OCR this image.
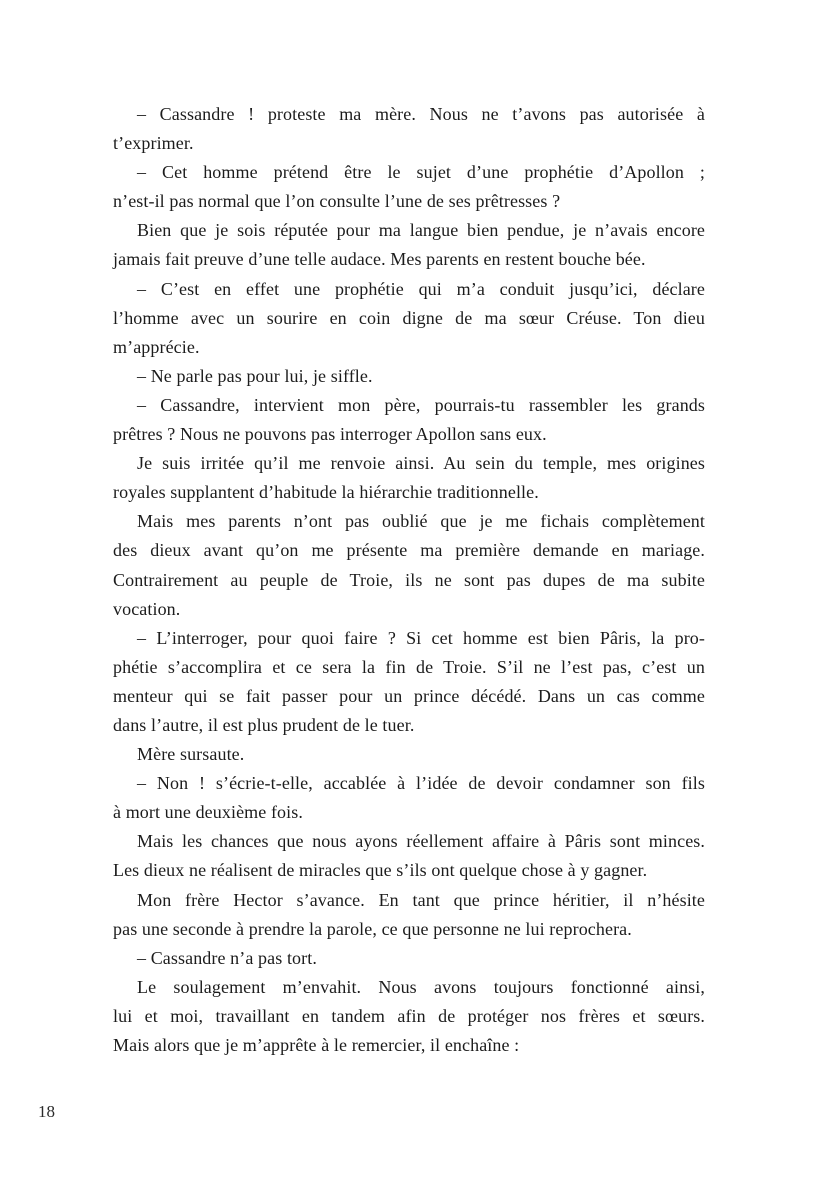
– Cassandre ! proteste ma mère. Nous ne t’avons pas autorisée à
t’exprimer.
– Cet homme prétend être le sujet d’une prophétie d’Apollon ;
n’est-il pas normal que l’on consulte l’une de ses prêtresses ?
Bien que je sois réputée pour ma langue bien pendue, je n’avais encore
jamais fait preuve d’une telle audace. Mes parents en restent bouche bée.
– C’est en effet une prophétie qui m’a conduit jusqu’ici, déclare
l’homme avec un sourire en coin digne de ma sœur Créuse. Ton dieu
m’apprécie.
– Ne parle pas pour lui, je siffle.
– Cassandre, intervient mon père, pourrais-tu rassembler les grands
prêtres ? Nous ne pouvons pas interroger Apollon sans eux.
Je suis irritée qu’il me renvoie ainsi. Au sein du temple, mes origines
royales supplantent d’habitude la hiérarchie traditionnelle.
Mais mes parents n’ont pas oublié que je me fichais complètement
des dieux avant qu’on me présente ma première demande en mariage.
Contrairement au peuple de Troie, ils ne sont pas dupes de ma subite
vocation.
– L’interroger, pour quoi faire ? Si cet homme est bien Pâris, la pro-
phétie s’accomplira et ce sera la fin de Troie. S’il ne l’est pas, c’est un
menteur qui se fait passer pour un prince décédé. Dans un cas comme
dans l’autre, il est plus prudent de le tuer.
Mère sursaute.
– Non ! s’écrie-t-elle, accablée à l’idée de devoir condamner son fils
à mort une deuxième fois.
Mais les chances que nous ayons réellement affaire à Pâris sont minces.
Les dieux ne réalisent de miracles que s’ils ont quelque chose à y gagner.
Mon frère Hector s’avance. En tant que prince héritier, il n’hésite
pas une seconde à prendre la parole, ce que personne ne lui reprochera.
– Cassandre n’a pas tort.
Le soulagement m’envahit. Nous avons toujours fonctionné ainsi,
lui et moi, travaillant en tandem afin de protéger nos frères et sœurs.
Mais alors que je m’apprête à le remercier, il enchaîne :
18
